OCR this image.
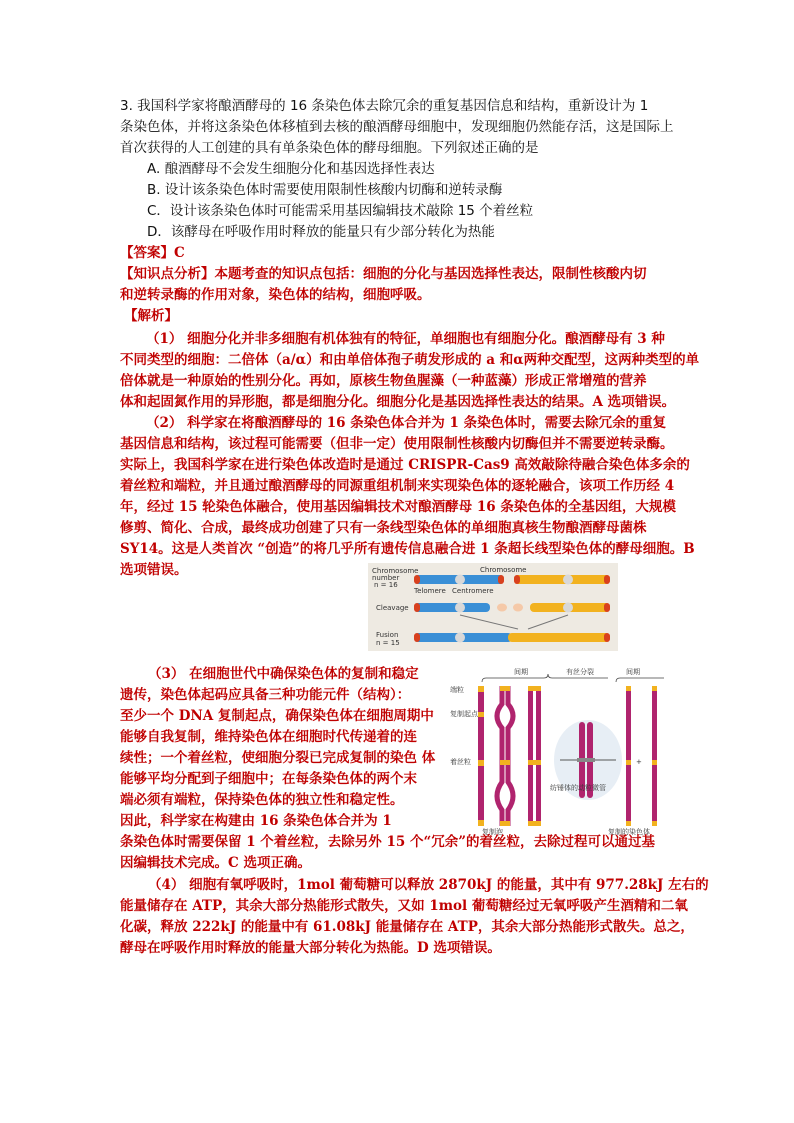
3. 我国科学家将酿酒酵母的 16 条染色体去除冗余的重复基因信息和结构，重新设计为 1
条染色体，并将这条染色体移植到去核的酿酒酵母细胞中，发现细胞仍然能存活，这是国际上
首次获得的人工创建的具有单条染色体的酵母细胞。下列叙述正确的是
A. 酿酒酵母不会发生细胞分化和基因选择性表达
B. 设计该条染色体时需要使用限制性核酸内切酶和逆转录酶
C．设计该条染色体时可能需采用基因编辑技术敲除 15 个着丝粒
D．该酵母在呼吸作用时释放的能量只有少部分转化为热能
【答案】C
【知识点分析】本题考查的知识点包括：细胞的分化与基因选择性表达，限制性核酸内切
和逆转录酶的作用对象，染色体的结构，细胞呼吸。
【解析】
（1） 细胞分化并非多细胞有机体独有的特征，单细胞也有细胞分化。酿酒酵母有 3 种
不同类型的细胞：二倍体（a/α）和由单倍体孢子萌发形成的 a 和α两种交配型，这两种类型的单
倍体就是一种原始的性别分化。再如，原核生物鱼腥藻（一种蓝藻）形成正常增殖的营养
体和起固氮作用的异形胞，都是细胞分化。细胞分化是基因选择性表达的结果。A 选项错误。
（2） 科学家在将酿酒酵母的 16 条染色体合并为 1 条染色体时，需要去除冗余的重复
基因信息和结构，该过程可能需要（但非一定）使用限制性核酸内切酶但并不需要逆转录酶。
实际上，我国科学家在进行染色体改造时是通过 CRISPR-Cas9 高效敲除待融合染色体多余的
着丝粒和端粒，并且通过酿酒酵母的同源重组机制来实现染色体的逐轮融合，该项工作历经 4
年，经过 15 轮染色体融合，使用基因编辑技术对酿酒酵母 16 条染色体的全基因组，大规模
修剪、简化、合成，最终成功创建了只有一条线型染色体的单细胞真核生物酿酒酵母菌株
SY14。这是人类首次 “创造”的将几乎所有遗传信息融合进 1 条超长线型染色体的酵母细胞。B
选项错误。	Chromosome
number
n = 16
Chromosome
Telomere Centromere
Cleavage
Fusion
n = 15
（3） 在细胞世代中确保染色体的复制和稳定
遗传，染色体起码应具备三种功能元件（结构）：
至少一个 DNA 复制起点，确保染色体在细胞周期中
能够自我复制，维持染色体在细胞时代传递着的连
续性；一个着丝粒，使细胞分裂已完成复制的染色 体
能够平均分配到子细胞中；在每条染色体的两个末
端必须有端粒，保持染色体的独立性和稳定性。
间期	有丝分裂	间期
端粒
复制起点
着丝粒
复制泡
纺锤体的动粒微管
+
复制的染色体
因此，科学家在构建由 16 条染色体合并为 1
条染色体时需要保留 1 个着丝粒，去除另外 15 个“冗余”的着丝粒，去除过程可以通过基
因编辑技术完成。C 选项正确。
（4） 细胞有氧呼吸时，1mol 葡萄糖可以释放 2870kJ 的能量，其中有 977.28kJ 左右的
能量储存在 ATP，其余大部分热能形式散失，又如 1mol 葡萄糖经过无氧呼吸产生酒精和二氧
化碳，释放 222kJ 的能量中有 61.08kJ 能量储存在 ATP，其余大部分热能形式散失。总之，
酵母在呼吸作用时释放的能量大部分转化为热能。D 选项错误。
